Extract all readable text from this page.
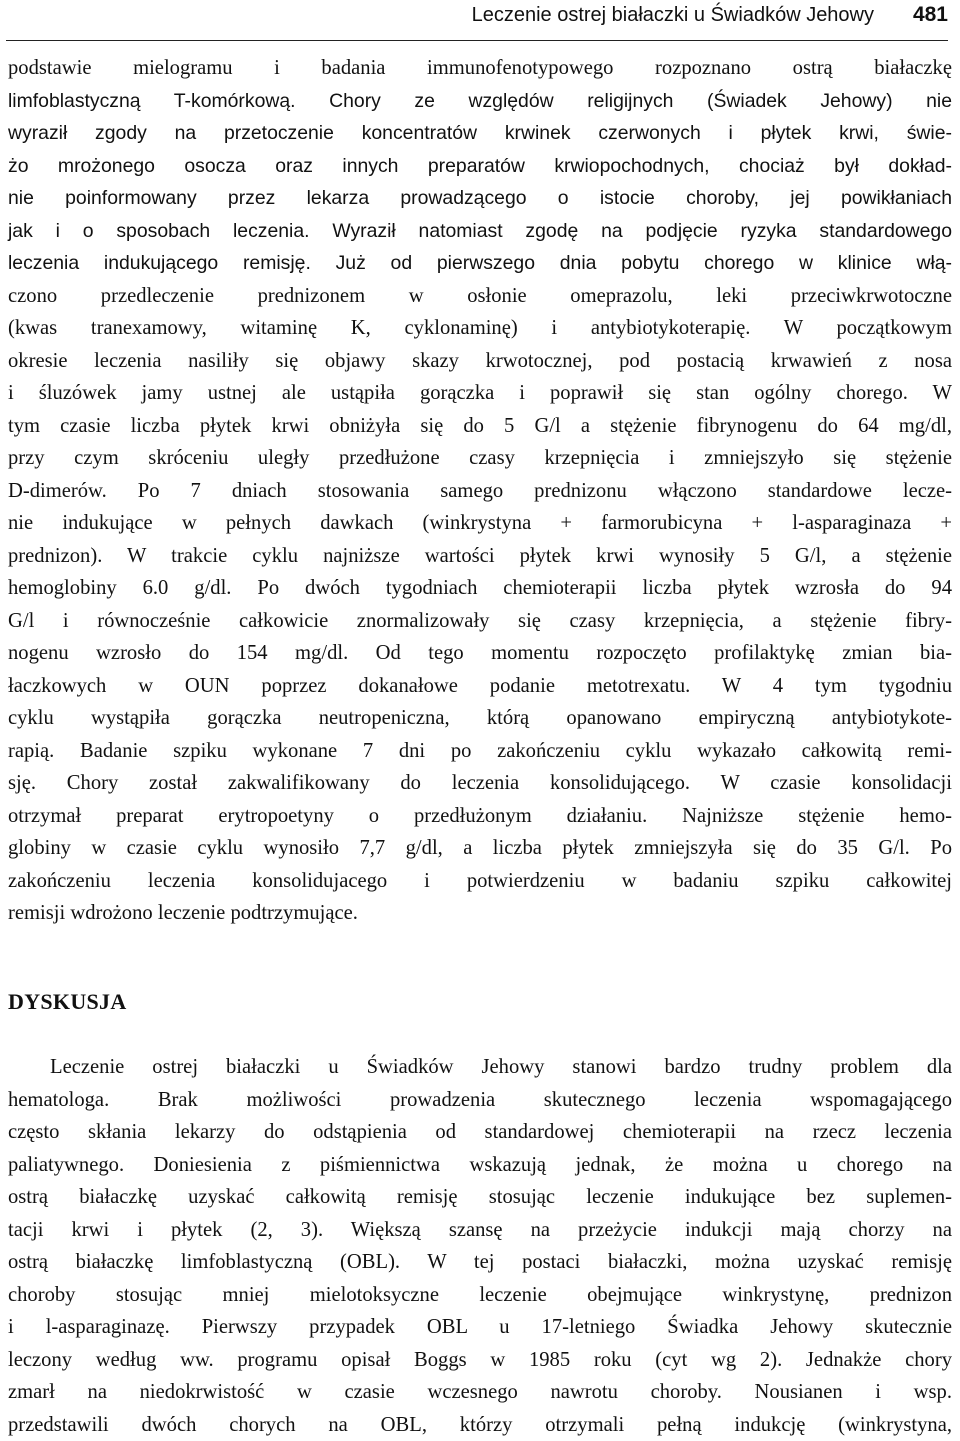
Leczenie ostrej białaczki u Świadków Jehowy 481
podstawie mielogramu i badania immunofenotypowego rozpoznano ostrą białaczkę
limfoblastyczną T-komórkową. Chory ze względów religijnych (Świadek Jehowy) nie
wyraził zgody na przetoczenie koncentratów krwinek czerwonych i płytek krwi, świe-
żo mrożonego osocza oraz innych preparatów krwiopochodnych, chociaż był dokład-
nie poinformowany przez lekarza prowadzącego o istocie choroby, jej powikłaniach
jak i o sposobach leczenia. Wyraził natomiast zgodę na podjęcie ryzyka standardowego
leczenia indukującego remisję. Już od pierwszego dnia pobytu chorego w klinice włą-
czono przedleczenie prednizonem w osłonie omeprazolu, leki przeciwkrwotoczne
(kwas tranexamowy, witaminę K, cyklonaminę) i antybiotykoterapię. W początkowym
okresie leczenia nasiliły się objawy skazy krwotocznej, pod postacią krwawień z nosa
i śluzówek jamy ustnej ale ustąpiła gorączka i poprawił się stan ogólny chorego. W
tym czasie liczba płytek krwi obniżyła się do 5 G/l a stężenie fibrynogenu do 64 mg/dl,
przy czym skróceniu uległy przedłużone czasy krzepnięcia i zmniejszyło się stężenie
D-dimerów. Po 7 dniach stosowania samego prednizonu włączono standardowe lecze-
nie indukujące w pełnych dawkach (winkrystyna + farmorubicyna + l-asparaginaza +
prednizon). W trakcie cyklu najniższe wartości płytek krwi wynosiły 5 G/l, a stężenie
hemoglobiny 6.0 g/dl. Po dwóch tygodniach chemioterapii liczba płytek wzrosła do 94
G/l i równocześnie całkowicie znormalizowały się czasy krzepnięcia, a stężenie fibry-
nogenu wzrosło do 154 mg/dl. Od tego momentu rozpoczęto profilaktykę zmian bia-
łaczkowych w OUN poprzez dokanałowe podanie metotrexatu. W 4 tym tygodniu
cyklu wystąpiła gorączka neutropeniczna, którą opanowano empiryczną antybiotykote-
rapią. Badanie szpiku wykonane 7 dni po zakończeniu cyklu wykazało całkowitą remi-
sję. Chory został zakwalifikowany do leczenia konsolidującego. W czasie konsolidacji
otrzymał preparat erytropoetyny o przedłużonym działaniu. Najniższe stężenie hemo-
globiny w czasie cyklu wynosiło 7,7 g/dl, a liczba płytek zmniejszyła się do 35 G/l. Po
zakończeniu leczenia konsolidujacego i potwierdzeniu w badaniu szpiku całkowitej
remisji wdrożono leczenie podtrzymujące.
DYSKUSJA
Leczenie ostrej białaczki u Świadków Jehowy stanowi bardzo trudny problem dla
hematologa. Brak możliwości prowadzenia skutecznego leczenia wspomagającego
często skłania lekarzy do odstąpienia od standardowej chemioterapii na rzecz leczenia
paliatywnego. Doniesienia z piśmiennictwa wskazują jednak, że można u chorego na
ostrą białaczkę uzyskać całkowitą remisję stosując leczenie indukujące bez suplemen-
tacji krwi i płytek (2, 3). Większą szansę na przeżycie indukcji mają chorzy na
ostrą białaczkę limfoblastyczną (OBL). W tej postaci białaczki, można uzyskać remisję
choroby stosując mniej mielotoksyczne leczenie obejmujące winkrystynę, prednizon
i l-asparaginazę. Pierwszy przypadek OBL u 17-letniego Świadka Jehowy skutecznie
leczony według ww. programu opisał Boggs w 1985 roku (cyt wg 2). Jednakże chory
zmarł na niedokrwistość w czasie wczesnego nawrotu choroby. Nousianen i wsp.
przedstawili dwóch chorych na OBL, którzy otrzymali pełną indukcję (winkrystyna,
